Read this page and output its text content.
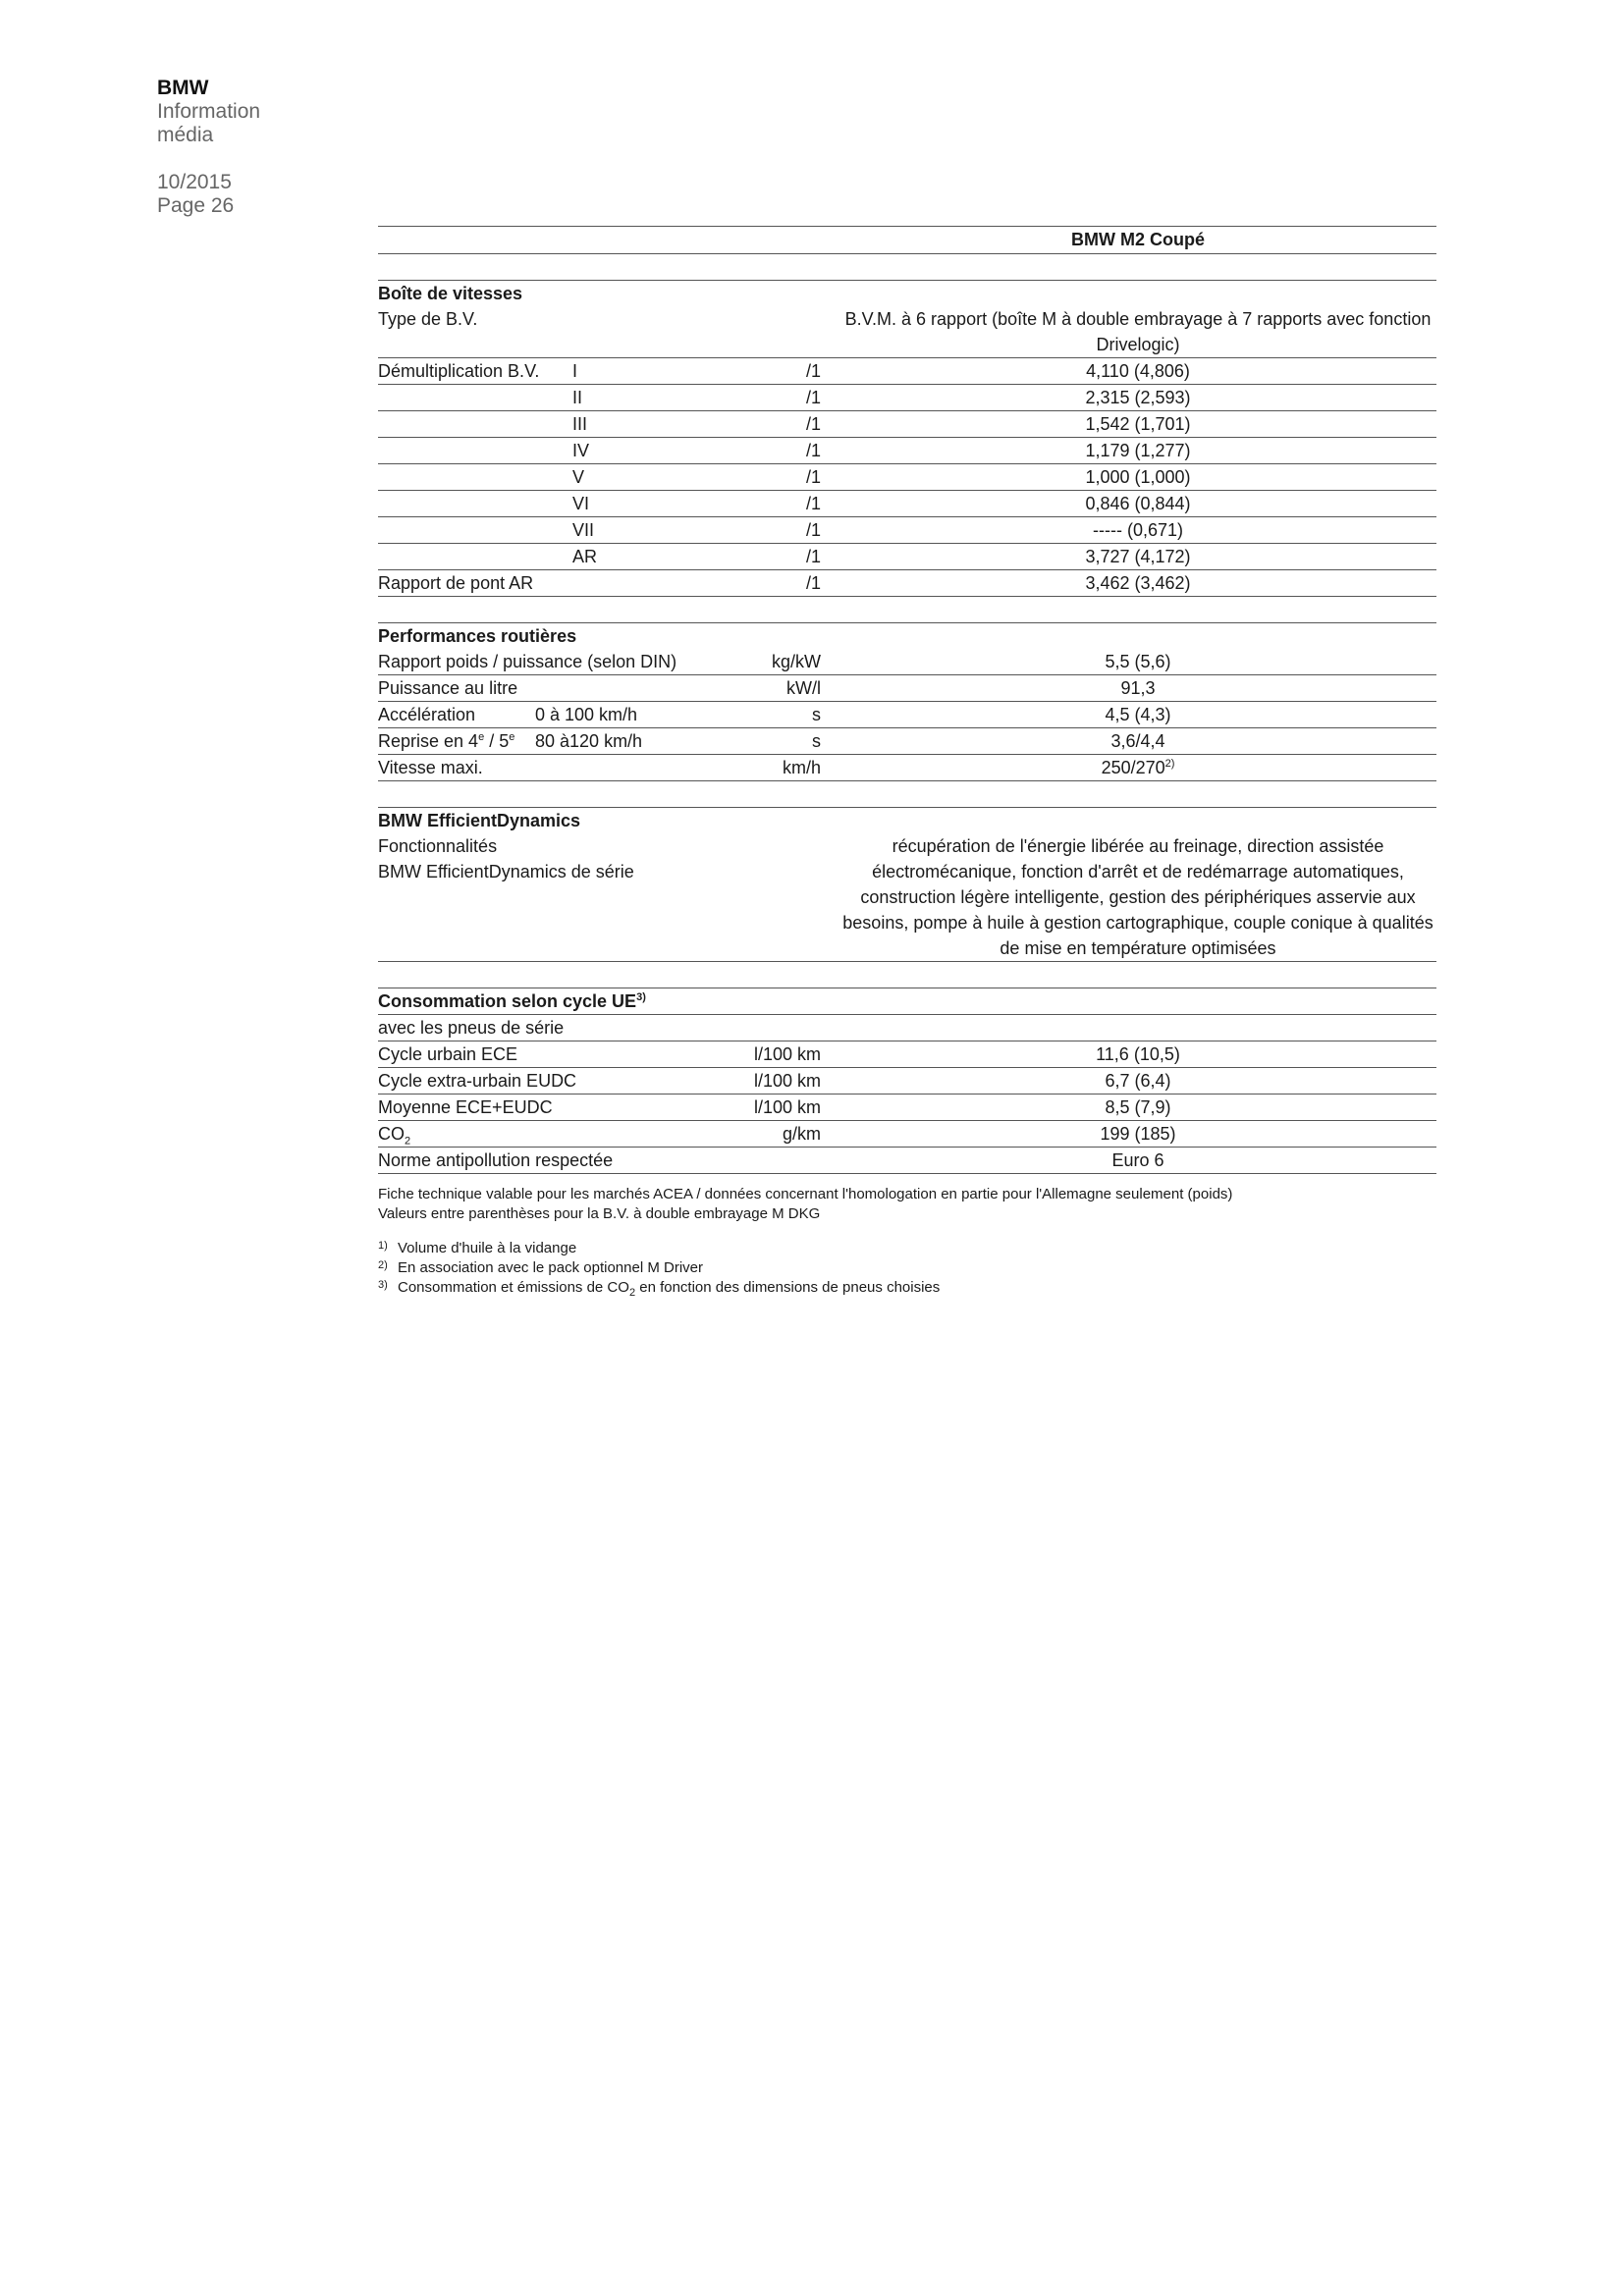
BMW
Information
média
10/2015
Page 26
BMW M2 Coupé
Boîte de vitesses
Type de B.V.	B.V.M. à 6 rapport (boîte M à double embrayage à 7 rapports avec fonction Drivelogic)
Démultiplication B.V. I	/1	4,110 (4,806)
II	/1	2,315 (2,593)
III	/1	1,542 (1,701)
IV	/1	1,179 (1,277)
V	/1	1,000 (1,000)
VI	/1	0,846 (0,844)
VII	/1	----- (0,671)
AR	/1	3,727 (4,172)
Rapport de pont AR	/1	3,462 (3,462)
Performances routières
Rapport poids / puissance (selon DIN)	kg/kW	5,5 (5,6)
Puissance au litre	kW/l	91,3
Accélération	0 à 100 km/h	s	4,5 (4,3)
Reprise en 4e / 5e 80 à120 km/h	s	3,6/4,4
Vitesse maxi.	km/h	250/270$^{2)}$
BMW EfficientDynamics
Fonctionnalités
BMW EfficientDynamics de série
récupération de l'énergie libérée au freinage, direction assistée électromécanique, fonction d'arrêt et de redémarrage automatiques, construction légère intelligente, gestion des périphériques asservie aux besoins, pompe à huile à gestion cartographique, couple conique à qualités de mise en température optimisées
Consommation selon cycle UE$^{3)}$
avec les pneus de série
Cycle urbain ECE	l/100 km	11,6 (10,5)
Cycle extra-urbain EUDC	l/100 km	6,7 (6,4)
Moyenne ECE+EUDC	l/100 km	8,5 (7,9)
$CO_2$	g/km	199 (185)
Norme antipollution respectée	Euro 6
Fiche technique valable pour les marchés ACEA / données concernant l'homologation en partie pour l'Allemagne seulement (poids)
Valeurs entre parenthèses pour la B.V. à double embrayage M DKG
1) Volume d'huile à la vidange
2) En association avec le pack optionnel M Driver
3) Consommation et émissions de $CO_2$ en fonction des dimensions de pneus choisies
